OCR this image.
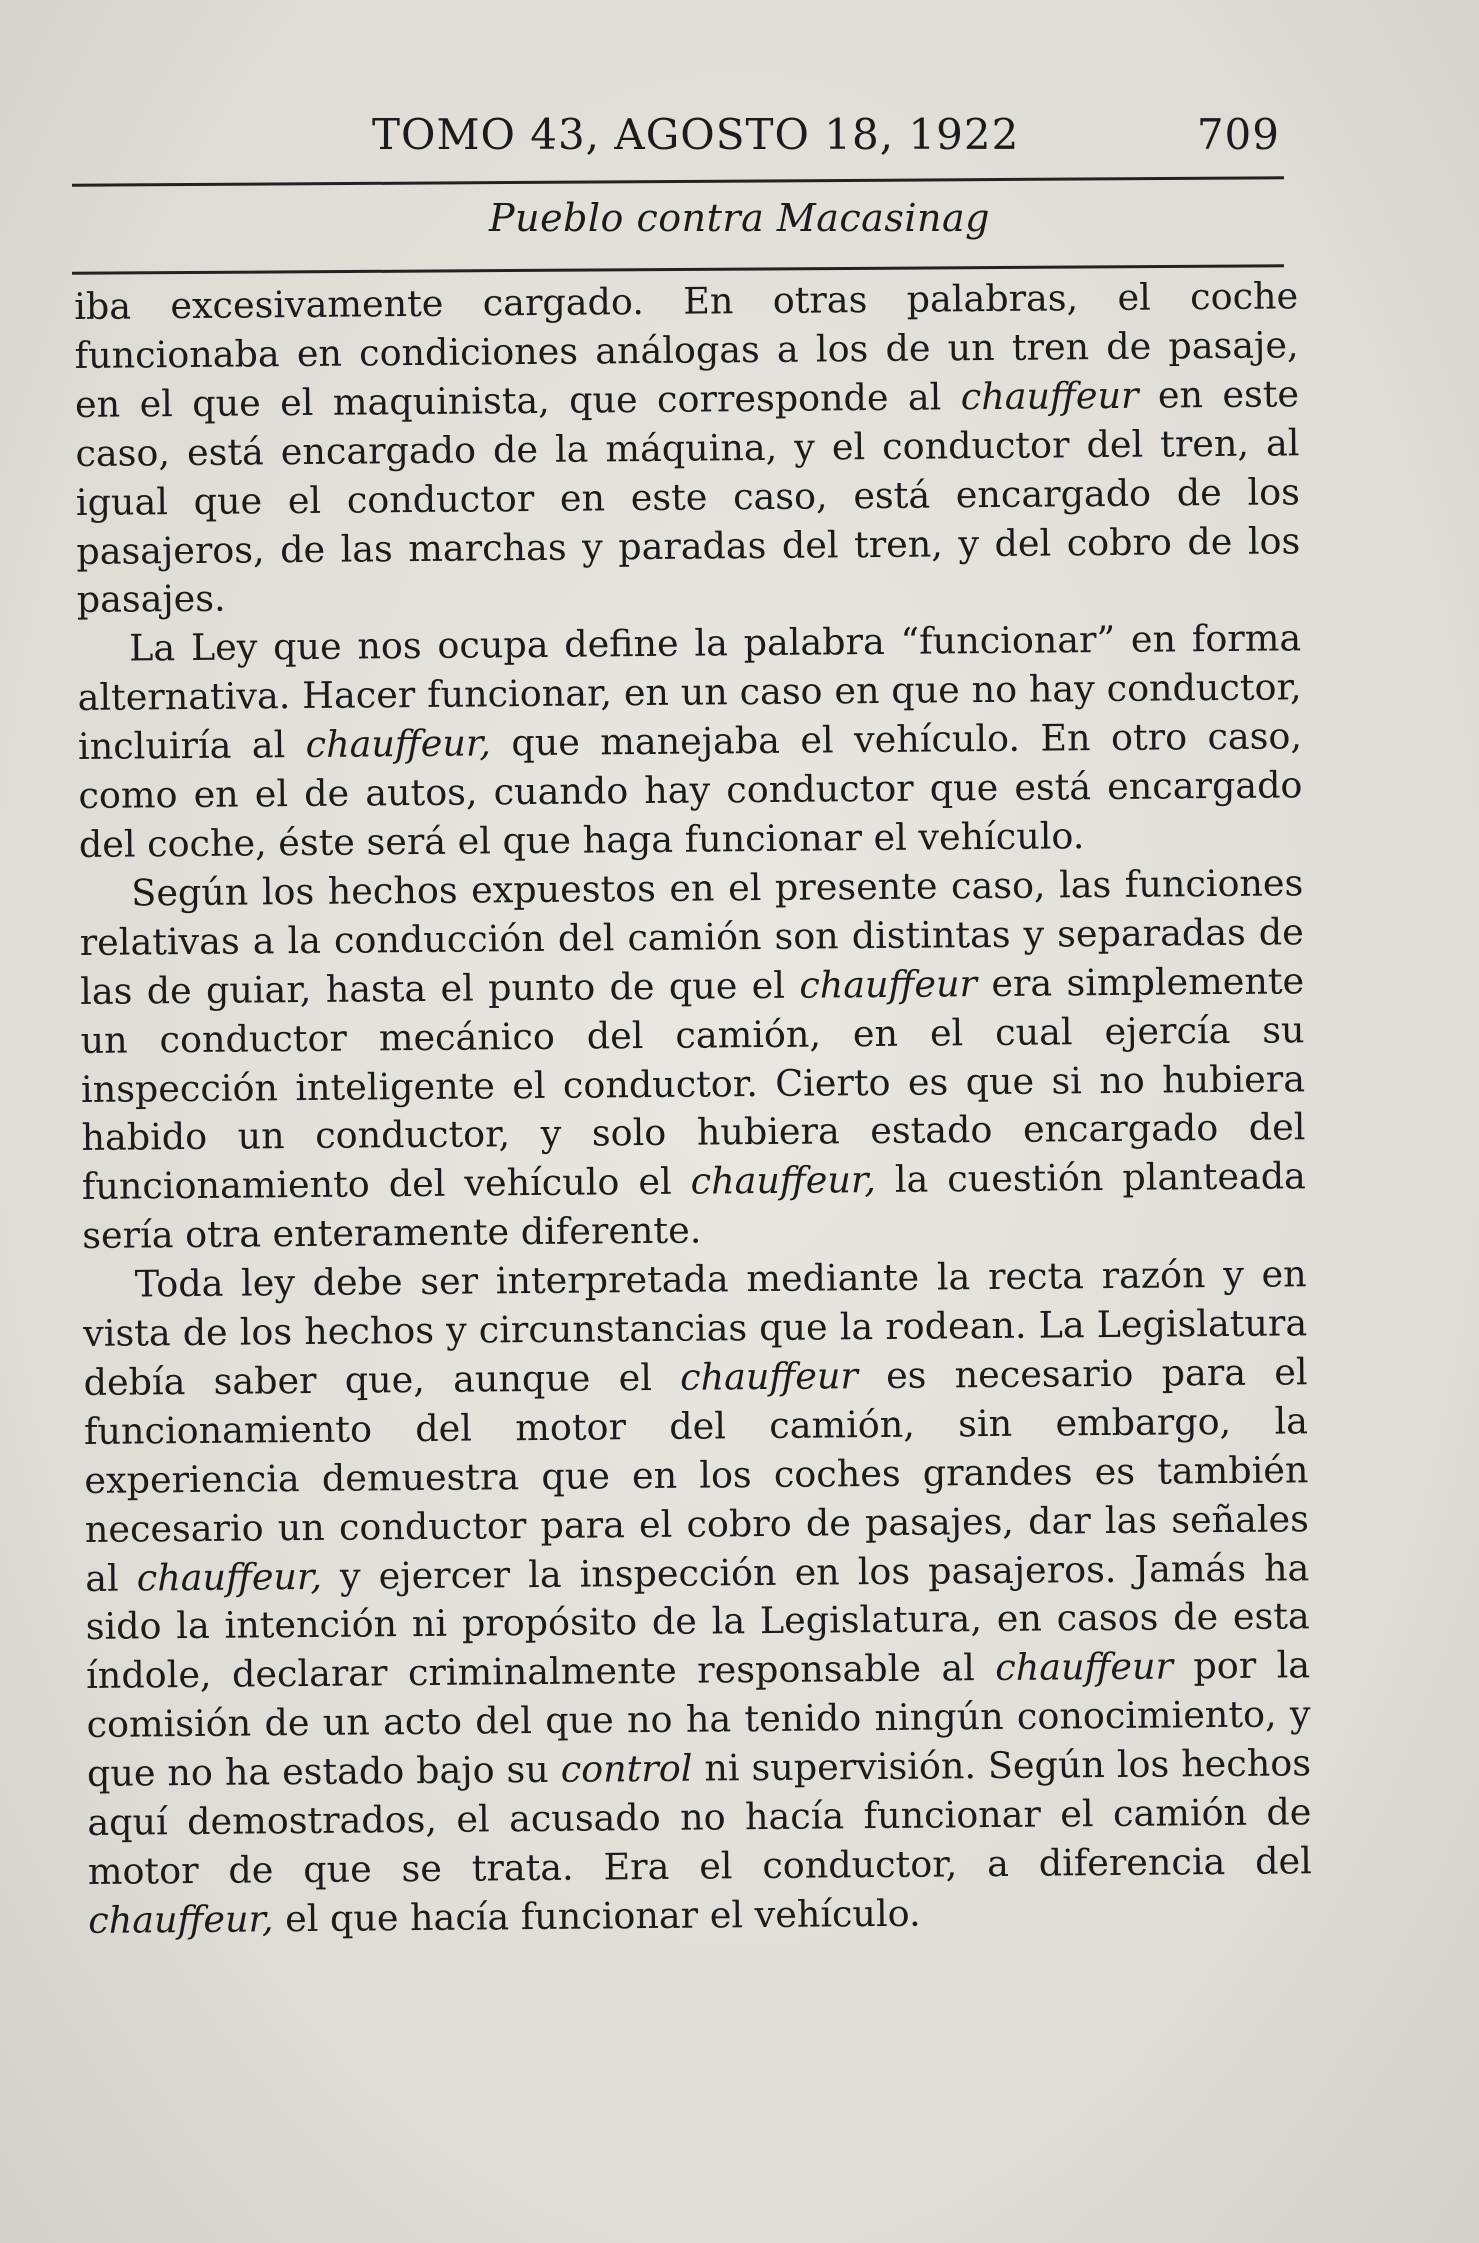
TOMO 43, AGOSTO 18, 1922	709
Pueblo contra Macasinag

iba excesivamente cargado. En otras palabras, el coche funcionaba en condiciones análogas a los de un tren de pasaje, en el que el maquinista, que corresponde al chauffeur en este caso, está encargado de la máquina, y el conductor del tren, al igual que el conductor en este caso, está encargado de los pasajeros, de las marchas y paradas del tren, y del cobro de los pasajes.

La Ley que nos ocupa define la palabra “funcionar” en forma alternativa. Hacer funcionar, en un caso en que no hay conductor, incluiría al chauffeur, que manejaba el vehículo. En otro caso, como en el de autos, cuando hay conductor que está encargado del coche, éste será el que haga funcionar el vehículo.

Según los hechos expuestos en el presente caso, las funciones relativas a la conducción del camión son distintas y separadas de las de guiar, hasta el punto de que el chauffeur era simplemente un conductor mecánico del camión, en el cual ejercía su inspección inteligente el conductor. Cierto es que si no hubiera habido un conductor, y solo hubiera estado encargado del funcionamiento del vehículo el chauffeur, la cuestión planteada sería otra enteramente diferente.

Toda ley debe ser interpretada mediante la recta razón y en vista de los hechos y circunstancias que la rodean. La Legislatura debía saber que, aunque el chauffeur es necesario para el funcionamiento del motor del camión, sin embargo, la experiencia demuestra que en los coches grandes es también necesario un conductor para el cobro de pasajes, dar las señales al chauffeur, y ejercer la inspección en los pasajeros. Jamás ha sido la intención ni propósito de la Legislatura, en casos de esta índole, declarar criminalmente responsable al chauffeur por la comisión de un acto del que no ha tenido ningún conocimiento, y que no ha estado bajo su control ni supervisión. Según los hechos aquí demostrados, el acusado no hacía funcionar el camión de motor de que se trata. Era el conductor, a diferencia del chauffeur, el que hacía funcionar el vehículo.
